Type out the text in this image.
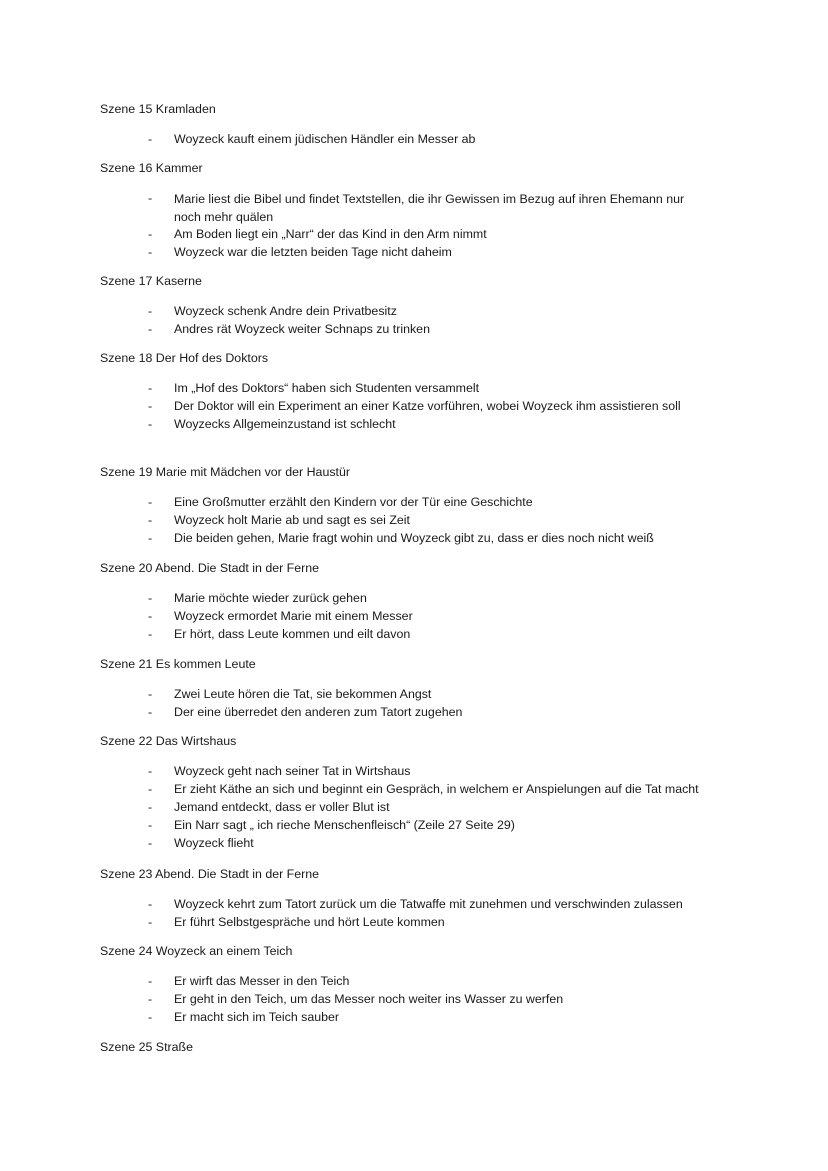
Szene 15 Kramladen
- Woyzeck kauft einem jüdischen Händler ein Messer ab
Szene 16 Kammer
- Marie liest die Bibel und findet Textstellen, die ihr Gewissen im Bezug auf ihren Ehemann nur noch mehr quälen
- Am Boden liegt ein „Narr“ der das Kind in den Arm nimmt
- Woyzeck war die letzten beiden Tage nicht daheim
Szene 17 Kaserne
- Woyzeck schenk Andre dein Privatbesitz
- Andres rät Woyzeck weiter Schnaps zu trinken
Szene 18 Der Hof des Doktors
- Im „Hof des Doktors“ haben sich Studenten versammelt
- Der Doktor will ein Experiment an einer Katze vorführen, wobei Woyzeck ihm assistieren soll
- Woyzecks Allgemeinzustand ist schlecht
Szene 19 Marie mit Mädchen vor der Haustür
- Eine Großmutter erzählt den Kindern vor der Tür eine Geschichte
- Woyzeck holt Marie ab und sagt es sei Zeit
- Die beiden gehen, Marie fragt wohin und Woyzeck gibt zu, dass er dies noch nicht weiß
Szene 20 Abend. Die Stadt in der Ferne
- Marie möchte wieder zurück gehen
- Woyzeck ermordet Marie mit einem Messer
- Er hört, dass Leute kommen und eilt davon
Szene 21 Es kommen Leute
- Zwei Leute hören die Tat, sie bekommen Angst
- Der eine überredet den anderen zum Tatort zugehen
Szene 22 Das Wirtshaus
- Woyzeck geht nach seiner Tat in Wirtshaus
- Er zieht Käthe an sich und beginnt ein Gespräch, in welchem er Anspielungen auf die Tat macht
- Jemand entdeckt, dass er voller Blut ist
- Ein Narr sagt „ ich rieche Menschenfleisch“ (Zeile 27 Seite 29)
- Woyzeck flieht
Szene 23 Abend. Die Stadt in der Ferne
- Woyzeck kehrt zum Tatort zurück um die Tatwaffe mit zunehmen und verschwinden zulassen
- Er führt Selbstgespräche und hört Leute kommen
Szene 24 Woyzeck an einem Teich
- Er wirft das Messer in den Teich
- Er geht in den Teich, um das Messer noch weiter ins Wasser zu werfen
- Er macht sich im Teich sauber
Szene 25 Straße
